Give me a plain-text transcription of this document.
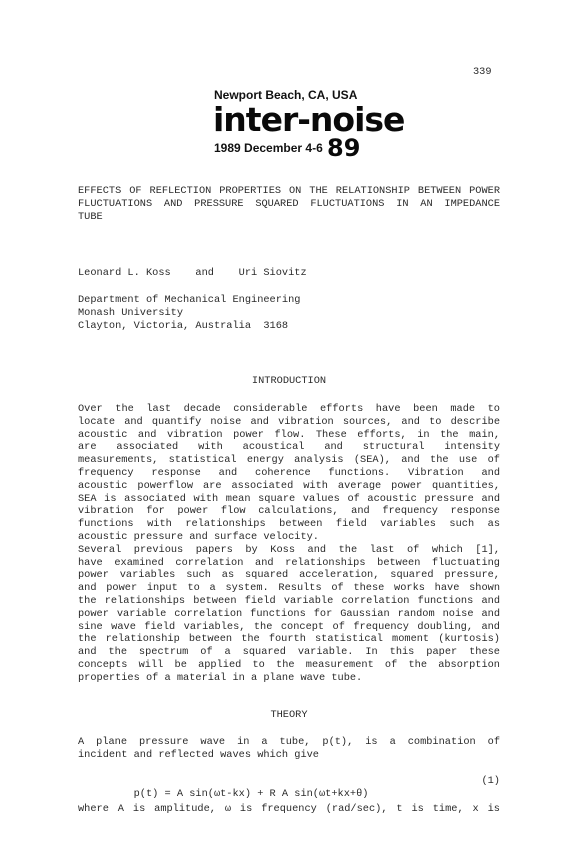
339
Newport Beach, CA, USA
inter-noise
1989 December 4-6 89
EFFECTS OF REFLECTION PROPERTIES ON THE RELATIONSHIP BETWEEN POWER
FLUCTUATIONS AND PRESSURE SQUARED FLUCTUATIONS IN AN IMPEDANCE
TUBE
Leonard L. Koss    and    Uri Siovitz
Department of Mechanical Engineering
Monash University
Clayton, Victoria, Australia  3168
INTRODUCTION
Over the last decade considerable efforts have been made to
locate and quantify noise and vibration sources, and to describe
acoustic and vibration power flow. These efforts, in the main,
are associated with acoustical and structural intensity
measurements, statistical energy analysis (SEA), and the use of
frequency response and coherence functions. Vibration and
acoustic powerflow are associated with average power quantities,
SEA is associated with mean square values of acoustic pressure and
vibration for power flow calculations, and frequency response
functions with relationships between field variables such as
acoustic pressure and surface velocity.
Several previous papers by Koss and the last of which [1],
have examined correlation and relationships between fluctuating
power variables such as squared acceleration, squared pressure,
and power input to a system. Results of these works have shown
the relationships between field variable correlation functions and
power variable correlation functions for Gaussian random noise and
sine wave field variables, the concept of frequency doubling, and
the relationship between the fourth statistical moment (kurtosis)
and the spectrum of a squared variable. In this paper these
concepts will be applied to the measurement of the absorption
properties of a material in a plane wave tube.
THEORY
A plane pressure wave in a tube, p(t), is a combination of
incident and reflected waves which give

p(t) = A sin(ωt-kx) + R A sin(ωt+kx+θ)

(1)

where A is amplitude, ω is frequency (rad/sec), t is time, x is
